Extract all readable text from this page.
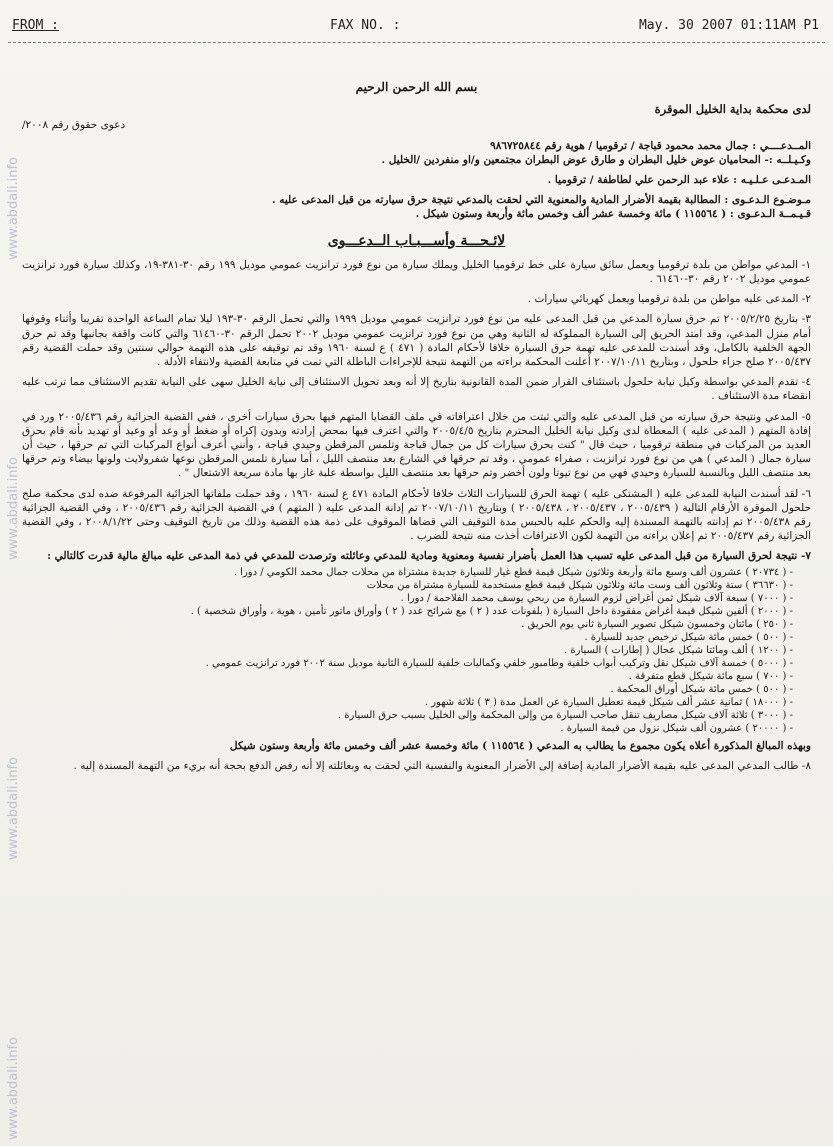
FROM :	FAX NO. :	May. 30 2007 01:11AM P1
www.abdali.info
www.abdali.info
www.abdali.info
www.abdali.info
بسم الله الرحمن الرحيم
لدى محكمة بداية الخليل الموقرة
دعوى حقوق رقم ٢٠٠٨/
المــدعــــي : جمال محمد محمود قباجة / ترقوميا / هوية رقم ٩٨٦٧٢٥٨٤٤
وكـيـلــه :- المحاميان عوض خليل البطران و طارق عوض البطران مجتمعين و/او منفردين /الخليل .
المـدعـى عـلـيـه : علاء عبد الرحمن علي لطاطفة / ترقوميا .
مـوضـوع الـدعـوى : المطالبة بقيمة الأضرار المادية والمعنوية التي لحقت بالمدعي نتيجة حرق سيارته من قبل المدعى عليه .
قـيـمــة الـدعـوى : ( ١١٥٥٦٤ ) مائة وخمسة عشر ألف وخمس مائة وأربعة وستون شيكل .
لائـحـــة وأســـبـاب الــدعـــوى

١- المدعي مواطن من بلدة ترقوميا ويعمل سائق سيارة على خط ترقوميا الخليل ويملك سيارة من نوع فورد ترانزيت عمومي موديل ١٩٩ رقم ٣٠-٣٨١-١٩، وكذلك سيارة فورد ترانزيت عمومي موديل ٢٠٠٢ رقم ٣٠-٦١٤٦٠ .

٢- المدعى عليه مواطن من بلدة ترقوميا ويعمل كهربائي سيارات .

٣- بتاريخ ٢٠٠٥/٢/٢٥ تم حرق سيارة المدعي من قبل المدعى عليه من نوع فورد ترانزيت عمومي موديل ١٩٩٩ والتي تحمل الرقم ٣٠-١٩٣ ليلا تمام الساعة الواحدة تقريبا وأثناء وقوفها أمام منزل المدعي، وقد امتد الحريق إلى السيارة المملوكة له الثانية وهي من نوع فورد ترانزيت عمومي موديل ٢٠٠٢ تحمل الرقم ٣٠-٦١٤٦٠ والتي كانت واقفة بجانبها وقد تم حرق الجهة الخلفية بالكامل، وقد أسندت للمدعى عليه تهمة حرق السيارة خلافا لأحكام المادة ( ٤٧١ ) ع لسنة ١٩٦٠ وقد تم توقيفه على هذه التهمة حوالي سنتين وقد حملت القضية رقم ٢٠٠٥/٤٣٧ صلح جزاء حلحول ، وبتاريخ ٢٠٠٧/١٠/١١ أعلنت المحكمة براءته من التهمة نتيجة للإجراءات الباطلة التي تمت في متابعة القضية ولانتفاء الأدلة .

٤- تقدم المدعي بواسطة وكيل نيابة حلحول باستئناف القرار ضمن المدة القانونية بتاريخ إلا أنه وبعد تحويل الاستئناف إلى نيابة الخليل سهى على النيابة تقديم الاستئناف مما ترتب عليه انقضاء مدة الاستئناف .

٥- المدعي ونتيجة حرق سيارته من قبل المدعى عليه والتي ثبتت من خلال اعترافاته في ملف القضايا المتهم فيها بحرق سيارات أخرى ، ففي القضية الجزائية رقم ٢٠٠٥/٤٣٦ ورد في إفادة المتهم ( المدعى عليه ) المعطاة لدى وكيل نيابة الخليل المحترم بتاريخ ٢٠٠٥/٤/٥ والتي اعترف فيها بمحض إرادته وبدون إكراه أو ضغط أو وعد أو وعيد أو تهديد بأنه قام بحرق العديد من المركبات في منطقة ترقوميا ، حيث قال " كنت بحرق سيارات كل من جمال قباجة وتلمس المرقطن وحيدي قباجة ، وأنني أعرف أنواع المركبات التي تم حرقها ، حيث أن سيارة جمال ( المدعي ) هي من نوع فورد ترانزيت ، صفراء عمومي ، وقد تم حرقها في الشارع بعد منتصف الليل ، أما سيارة تلمس المرقطن نوعها شفرولايت ولونها بيضاء وتم حرقها بعد منتصف الليل وبالنسبة للسيارة وحيدي فهي من نوع تيوتا ولون أخضر وتم حرقها بعد منتصف الليل بواسطة علبة غاز بها مادة سريعة الاشتعال " .

٦- لقد أسندت النيابة للمدعى عليه ( المشتكى عليه ) تهمة الحرق للسيارات الثلاث خلافا لأحكام المادة ٤٧١ ع لسنة ١٩٦٠ ، وقد حملت ملفاتها الجزائية المرفوعة ضده لدى محكمة صلح حلحول الموقرة الأرقام التالية ( ٢٠٠٥/٤٣٩ ، ٢٠٠٥/٤٣٧ ، ٢٠٠٥/٤٣٨ ) وبتاريخ ٢٠٠٧/١٠/١١ تم إدانة المدعى عليه ( المتهم ) في القضية الجزائية رقم ٢٠٠٥/٤٣٦ ، وفي القضية الجزائية رقم ٢٠٠٥/٤٣٨ تم إدانته بالتهمة المسندة إليه والحكم عليه بالحبس مدة التوقيف التي قضاها الموقوف على ذمة هذه القضية وذلك من تاريخ التوقيف وحتى ٢٠٠٨/١/٢٢ ، وفي القضية الجزائية رقم ٢٠٠٥/٤٣٧ تم إعلان براءته من التهمة لكون الاعترافات أخذت منه نتيجة للضرب .

٧- نتيجة لحرق السيارة من قبل المدعى عليه تسبب هذا العمل بأضرار نفسية ومعنوية ومادية للمدعي وعائلته وترصدت للمدعي في ذمة المدعى عليه مبالغ مالية قدرت كالتالي :

- ( ٢٠٧٣٤ ) عشرون ألف وسبع مائة وأربعة وثلاثون شيكل قيمة قطع غيار للسيارة جديدة مشتراة من محلات جمال محمد الكومي / دورا .

- ( ٣٦٦٣٠ ) ستة وثلاثون ألف وست مائة وثلاثون شيكل قيمة قطع مستخدمة للسيارة مشتراة من محلات

- ( ٧٠٠٠ ) سبعة آلاف شيكل ثمن أغراض لزوم السيارة من ربحي يوسف محمد الفلاحمة / دورا .

- ( ٢٠٠٠ ) ألفين شيكل قيمة أغراض مفقودة داخل السيارة ( بلفونات عدد ( ٢ ) مع شرائح عدد ( ٢ ) وأوراق ماتور تأمين ، هوية ، وأوراق شخصية ) .

- ( ٢٥٠ ) مائتان وخمسون شيكل تصوير السيارة ثاني يوم الحريق .

- ( ٥٠٠ ) خمس مائة شيكل ترخيص جديد للسيارة .

- ( ١٢٠٠ ) ألف ومائتا شيكل عجال ( إطارات ) السيارة .

- ( ٥٠٠٠ ) خمسة آلاف شيكل نقل وتركيب أبواب خلفية وطامبور خلفي وكماليات خلفية للسيارة الثانية موديل سنة ٢٠٠٢ فورد ترانزيت عمومي .

- ( ٧٠٠ ) سبع مائة شيكل قطع متفرقة .

- ( ٥٠٠ ) خمس مائة شيكل أوراق المحكمة .

- ( ١٨٠٠٠ ) ثمانية عشر ألف شيكل قيمة تعطيل السيارة عن العمل مدة ( ٣ ) ثلاثة شهور .

- ( ٣٠٠٠ ) ثلاثة آلاف شيكل مصاريف تنقل صاحب السيارة من وإلى المحكمة وإلى الخليل بسبب حرق السيارة .

- ( ٢٠٠٠٠ ) عشرون ألف شيكل نزول من قيمة السيارة .

وبهذه المبالغ المذكورة أعلاه يكون مجموع ما يطالب به المدعي ( ١١٥٥٦٤ ) مائة وخمسة عشر ألف وخمس مائة وأربعة وستون شيكل

٨- طالب المدعي المدعى عليه بقيمة الأضرار المادية إضافة إلى الأضرار المعنوية والنفسية التي لحقت به وبعائلته إلا أنه رفض الدفع بحجة أنه بريء من التهمة المسندة إليه .
